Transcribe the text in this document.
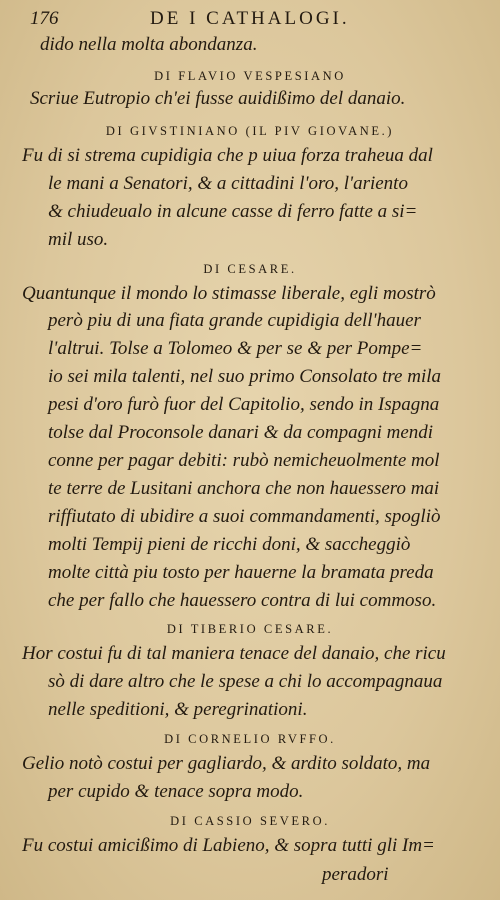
176	DE I CATHALOGI.
dido nella molta abondanza.
DI FLAVIO VESPESIANO
Scriue Eutropio ch'ei fusse auidißimo del danaio.
DI GIVSTINIANO (IL PIV GIOVANE.)
Fu di si strema cupidigia che p uiua forza traheua dal
le mani a Senatori, & a cittadini l'oro, l'ariento
& chiudeualo in alcune casse di ferro fatte a si=
mil uso.
DI CESARE.
Quantunque il mondo lo stimasse liberale, egli mostrò
però piu di una fiata grande cupidigia dell'hauer
l'altrui. Tolse a Tolomeo & per se & per Pompe=
io sei mila talenti, nel suo primo Consolato tre mila
pesi d'oro furò fuor del Capitolio, sendo in Ispagna
tolse dal Proconsole danari & da compagni mendi
conne per pagar debiti: rubò nemicheuolmente mol
te terre de Lusitani anchora che non hauessero mai
riffiutato di ubidire a suoi commandamenti, spogliò
molti Tempij pieni de ricchi doni, & saccheggiò
molte città piu tosto per hauerne la bramata preda
che per fallo che hauessero contra di lui commoso.
DI TIBERIO CESARE.
Hor costui fu di tal maniera tenace del danaio, che ricu
sò di dare altro che le spese a chi lo accompagnaua
nelle speditioni, & peregrinationi.
DI CORNELIO RVFFO.
Gelio notò costui per gagliardo, & ardito soldato, ma
per cupido & tenace sopra modo.
DI CASSIO SEVERO.
Fu costui amicißimo di Labieno, & sopra tutti gli Im=
peradori
